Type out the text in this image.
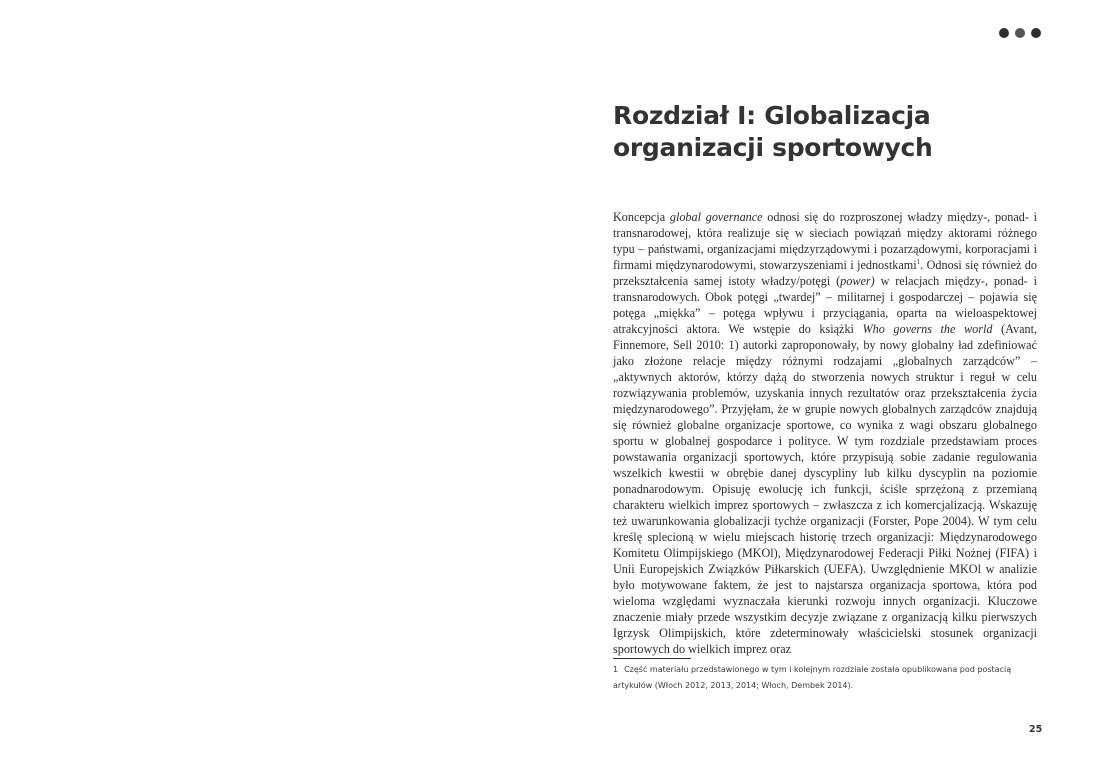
Rozdział I: Globalizacja
organizacji sportowych

Koncepcja global governance odnosi się do rozproszonej władzy między-, ponad- i transnarodowej, która realizuje się w sieciach powiązań między aktorami różnego typu – państwami, organizacjami międzyrządowymi i pozarządowymi, korporacjami i firmami międzynarodowymi, stowarzyszeniami i jednostkami$^1$. Odnosi się również do przekształcenia samej istoty władzy/potęgi (power) w relacjach między-, ponad- i transnarodowych. Obok potęgi „twardej” – militarnej i gospodarczej – pojawia się potęga „miękka” – potęga wpływu i przyciągania, oparta na wieloaspektowej atrakcyjności aktora. We wstępie do książki Who governs the world (Avant, Finnemore, Sell 2010: 1) autorki zaproponowały, by nowy globalny ład zdefiniować jako złożone relacje między różnymi rodzajami „globalnych zarządców” – „aktywnych aktorów, którzy dążą do stworzenia nowych struktur i reguł w celu rozwiązywania problemów, uzyskania innych rezultatów oraz przekształcenia życia międzynarodowego”. Przyjęłam, że w grupie nowych globalnych zarządców znajdują się również globalne organizacje sportowe, co wynika z wagi obszaru globalnego sportu w globalnej gospodarce i polityce. W tym rozdziale przedstawiam proces powstawania organizacji sportowych, które przypisują sobie zadanie regulowania wszelkich kwestii w obrębie danej dyscypliny lub kilku dyscyplin na poziomie ponadnarodowym. Opisuję ewolucję ich funkcji, ściśle sprzężoną z przemianą charakteru wielkich imprez sportowych – zwłaszcza z ich komercjalizacją. Wskazuję też uwarunkowania globalizacji tychże organizacji (Forster, Pope 2004). W tym celu kreślę splecioną w wielu miejscach historię trzech organizacji: Międzynarodowego Komitetu Olimpijskiego (MKOl), Międzynarodowej Federacji Piłki Nożnej (FIFA) i Unii Europejskich Związków Piłkarskich (UEFA). Uwzględnienie MKOl w analizie było motywowane faktem, że jest to najstarsza organizacja sportowa, która pod wieloma względami wyznaczała kierunki rozwoju innych organizacji. Kluczowe znaczenie miały przede wszystkim decyzje związane z organizacją kilku pierwszych Igrzysk Olimpijskich, które zdeterminowały właścicielski stosunek organizacji sportowych do wielkich imprez oraz

1 Część materiału przedstawionego w tym i kolejnym rozdziale została opublikowana pod postacią artykułów (Włoch 2012, 2013, 2014; Włoch, Dembek 2014).

25
